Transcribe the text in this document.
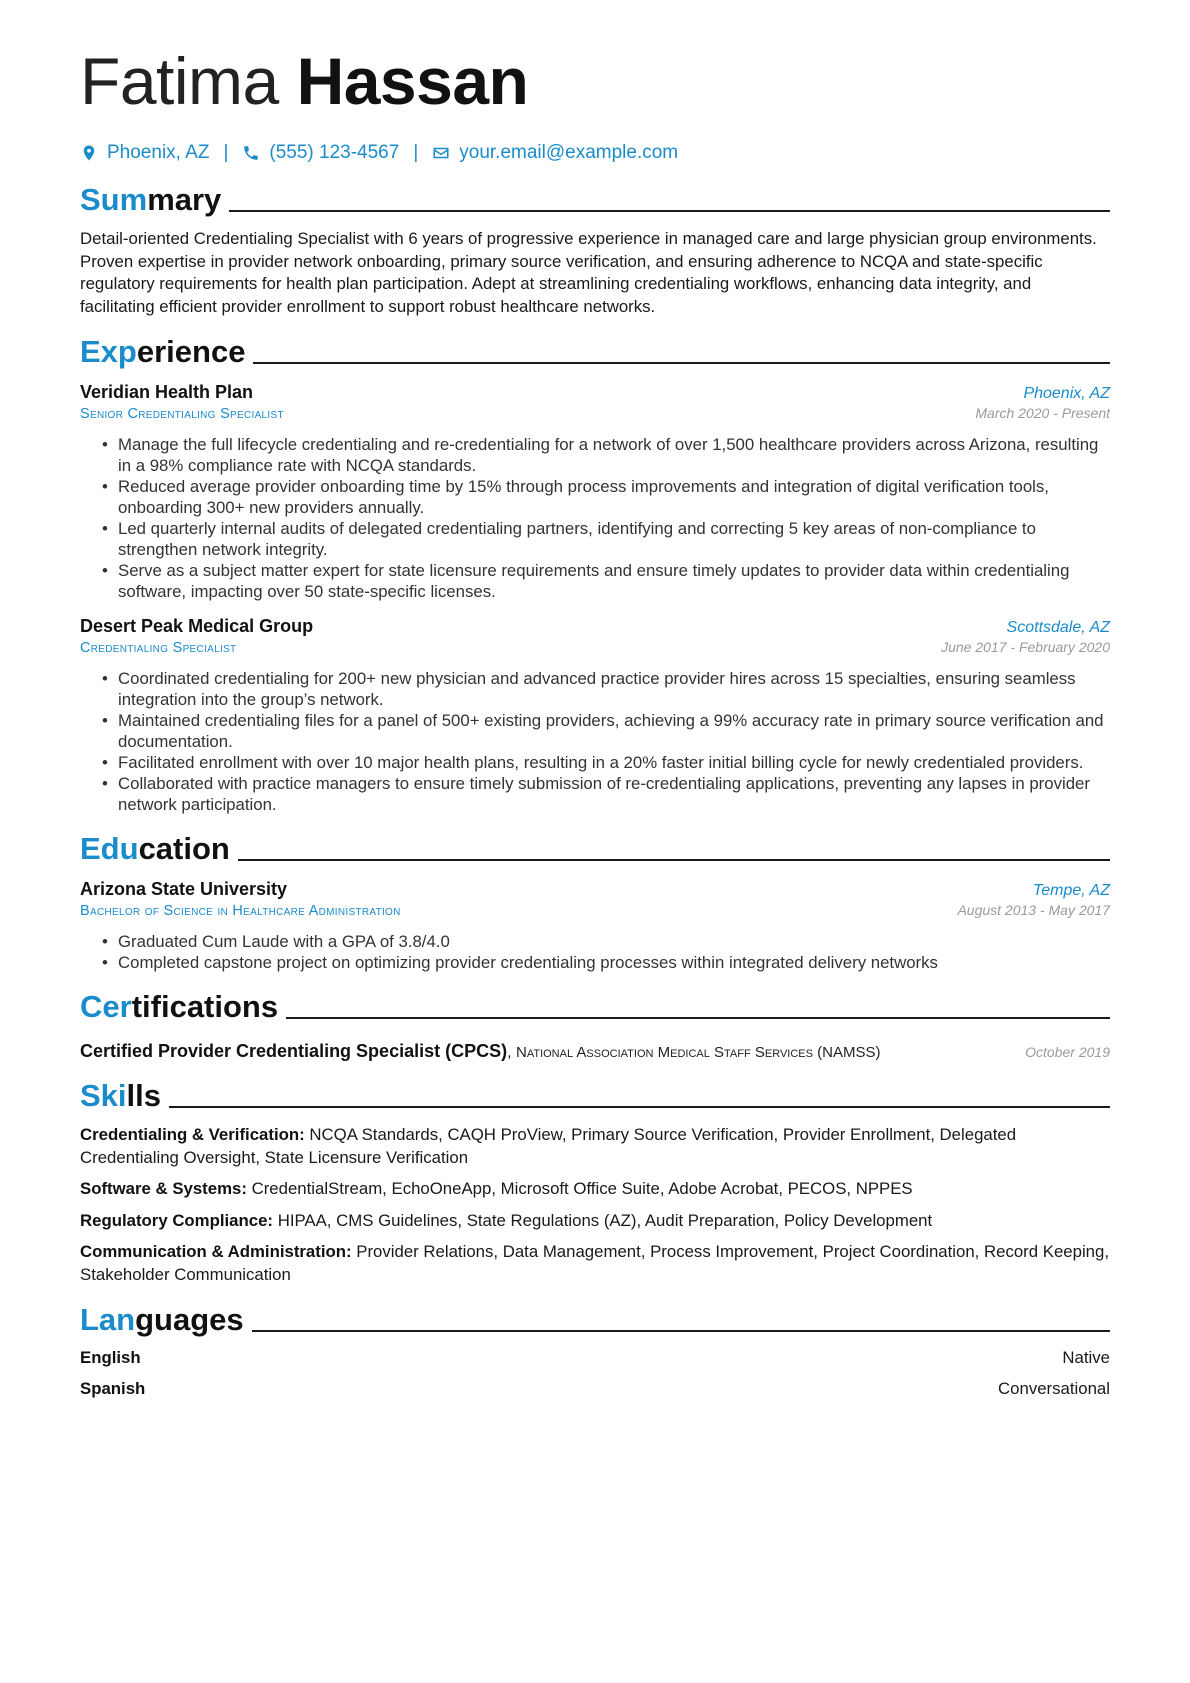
Fatima Hassan
Phoenix, AZ | (555) 123-4567 | your.email@example.com
Summary
Detail-oriented Credentialing Specialist with 6 years of progressive experience in managed care and large physician group environments. Proven expertise in provider network onboarding, primary source verification, and ensuring adherence to NCQA and state-specific regulatory requirements for health plan participation. Adept at streamlining credentialing workflows, enhancing data integrity, and facilitating efficient provider enrollment to support robust healthcare networks.
Experience
Veridian Health Plan	Phoenix, AZ
Senior Credentialing Specialist	March 2020 - Present
• Manage the full lifecycle credentialing and re-credentialing for a network of over 1,500 healthcare providers across Arizona, resulting in a 98% compliance rate with NCQA standards.
• Reduced average provider onboarding time by 15% through process improvements and integration of digital verification tools, onboarding 300+ new providers annually.
• Led quarterly internal audits of delegated credentialing partners, identifying and correcting 5 key areas of non-compliance to strengthen network integrity.
• Serve as a subject matter expert for state licensure requirements and ensure timely updates to provider data within credentialing software, impacting over 50 state-specific licenses.
Desert Peak Medical Group	Scottsdale, AZ
Credentialing Specialist	June 2017 - February 2020
• Coordinated credentialing for 200+ new physician and advanced practice provider hires across 15 specialties, ensuring seamless integration into the group’s network.
• Maintained credentialing files for a panel of 500+ existing providers, achieving a 99% accuracy rate in primary source verification and documentation.
• Facilitated enrollment with over 10 major health plans, resulting in a 20% faster initial billing cycle for newly credentialed providers.
• Collaborated with practice managers to ensure timely submission of re-credentialing applications, preventing any lapses in provider network participation.
Education
Arizona State University	Tempe, AZ
Bachelor of Science in Healthcare Administration	August 2013 - May 2017
• Graduated Cum Laude with a GPA of 3.8/4.0
• Completed capstone project on optimizing provider credentialing processes within integrated delivery networks
Certifications
Certified Provider Credentialing Specialist (CPCS), National Association Medical Staff Services (NAMSS)	October 2019
Skills
Credentialing & Verification: NCQA Standards, CAQH ProView, Primary Source Verification, Provider Enrollment, Delegated Credentialing Oversight, State Licensure Verification
Software & Systems: CredentialStream, EchoOneApp, Microsoft Office Suite, Adobe Acrobat, PECOS, NPPES
Regulatory Compliance: HIPAA, CMS Guidelines, State Regulations (AZ), Audit Preparation, Policy Development
Communication & Administration: Provider Relations, Data Management, Process Improvement, Project Coordination, Record Keeping, Stakeholder Communication
Languages
English	Native
Spanish	Conversational
